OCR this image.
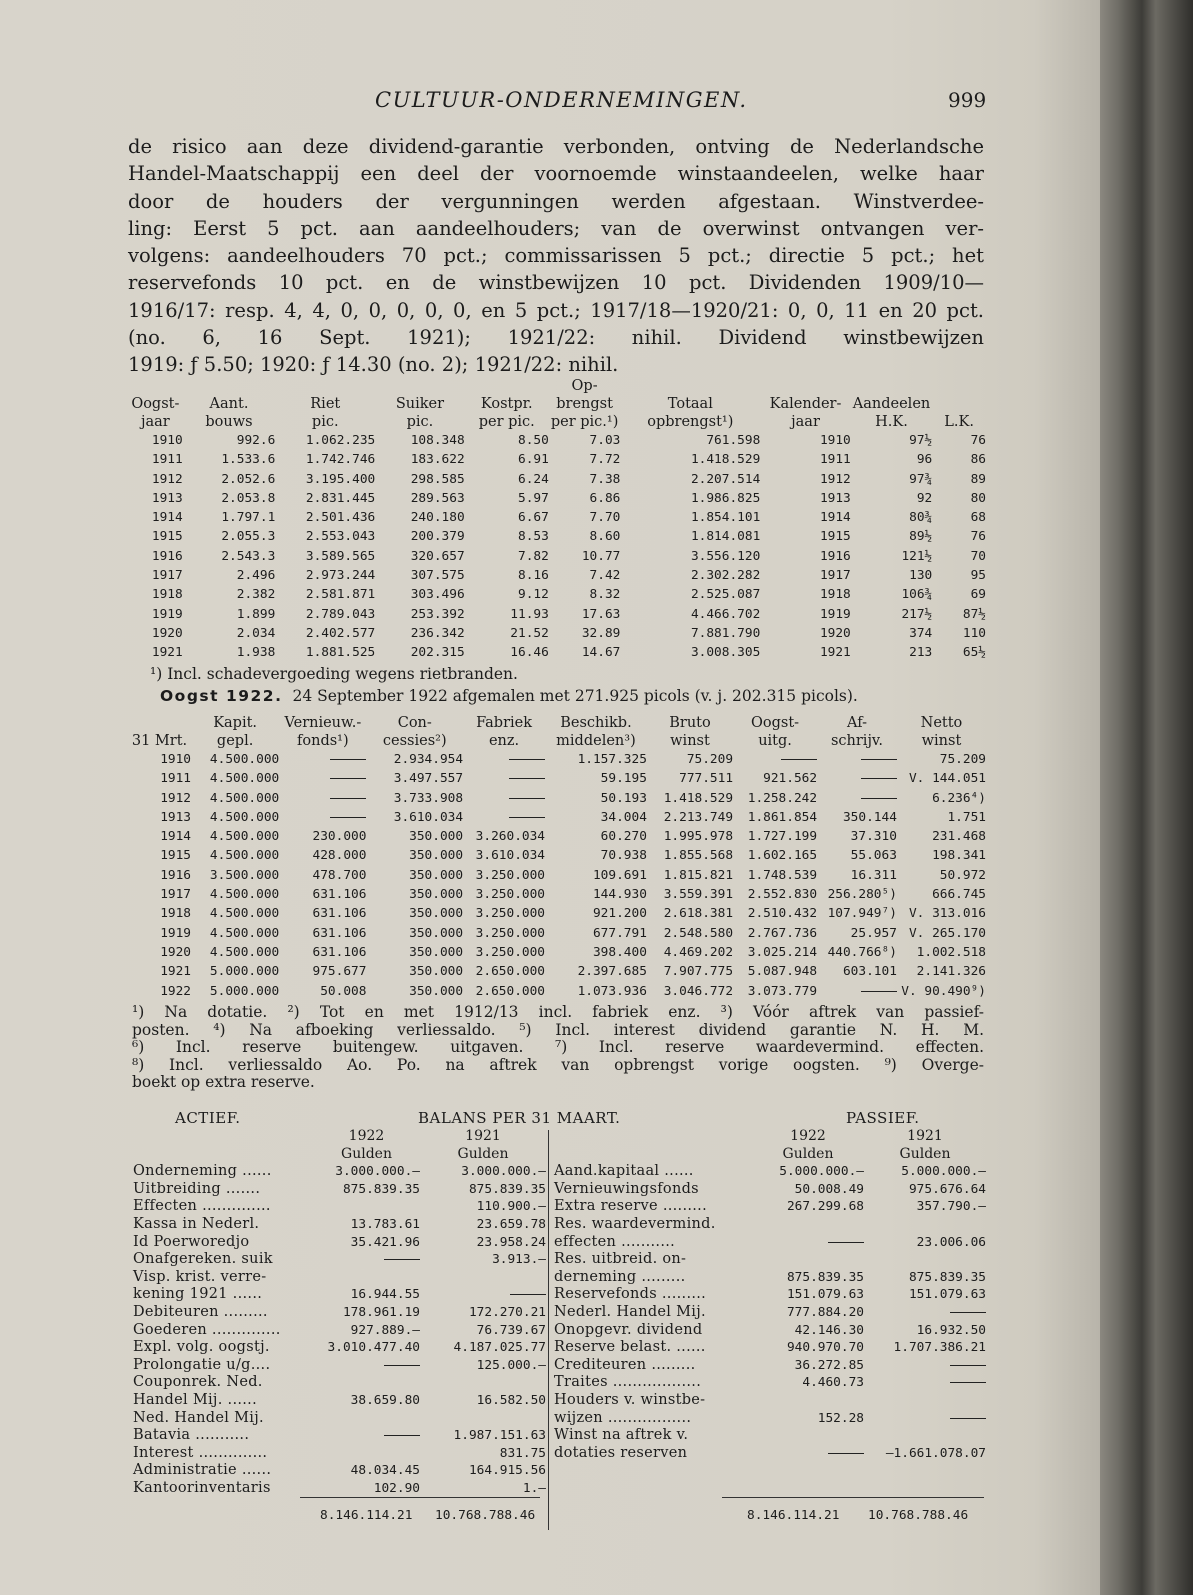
CULTUUR-ONDERNEMINGEN.	999
de risico aan deze dividend-garantie verbonden, ontving de Nederlandsche
Handel-Maatschappij een deel der voornoemde winstaandeelen, welke haar
door de houders der vergunningen werden afgestaan. Winstverdee-
ling: Eerst 5 pct. aan aandeelhouders; van de overwinst ontvangen ver-
volgens: aandeelhouders 70 pct.; commissarissen 5 pct.; directie 5 pct.; het
reservefonds 10 pct. en de winstbewijzen 10 pct. Dividenden 1909/10—
1916/17: resp. 4, 4, 0, 0, 0, 0, 0, en 5 pct.; 1917/18—1920/21: 0, 0, 11 en 20 pct.
(no. 6, 16 Sept. 1921); 1921/22: nihil. Dividend winstbewijzen
1919: ƒ 5.50; 1920: ƒ 14.30 (no. 2); 1921/22: nihil.
					Op-				
Oogst-	Aant.	Riet	Suiker	Kostpr.	brengst	Totaal	Kalender-	Aandeelen	
jaar	bouws	pic.	pic.	per pic.	per pic.¹)	opbrengst¹)	jaar	H.K.	L.K.
1910	992.6	1.062.235	108.348	8.50	7.03	761.598	1910	97½	76
1911	1.533.6	1.742.746	183.622	6.91	7.72	1.418.529	1911	96	86
1912	2.052.6	3.195.400	298.585	6.24	7.38	2.207.514	1912	97¾	89
1913	2.053.8	2.831.445	289.563	5.97	6.86	1.986.825	1913	92	80
1914	1.797.1	2.501.436	240.180	6.67	7.70	1.854.101	1914	80¾	68
1915	2.055.3	2.553.043	200.379	8.53	8.60	1.814.081	1915	89½	76
1916	2.543.3	3.589.565	320.657	7.82	10.77	3.556.120	1916	121½	70
1917	2.496	2.973.244	307.575	8.16	7.42	2.302.282	1917	130	95
1918	2.382	2.581.871	303.496	9.12	8.32	2.525.087	1918	106¾	69
1919	1.899	2.789.043	253.392	11.93	17.63	4.466.702	1919	217½	87½
1920	2.034	2.402.577	236.342	21.52	32.89	7.881.790	1920	374	110
1921	1.938	1.881.525	202.315	16.46	14.67	3.008.305	1921	213	65½
¹) Incl. schadevergoeding wegens rietbranden.
Oogst 1922. 24 September 1922 afgemalen met 271.925 picols (v. j. 202.315 picols).
	Kapit.	Vernieuw.-	Con-	Fabriek	Beschikb.	Bruto	Oogst-	Af-	Netto
31 Mrt.	gepl.	fonds¹)	cessies²)	enz.	middelen³)	winst	uitg.	schrijv.	winst
1910	4.500.000		2.934.954		1.157.325	75.209			75.209
1911	4.500.000		3.497.557		59.195	777.511	921.562		V. 144.051
1912	4.500.000		3.733.908		50.193	1.418.529	1.258.242		6.236⁴)
1913	4.500.000		3.610.034		34.004	2.213.749	1.861.854	350.144	1.751
1914	4.500.000	230.000	350.000	3.260.034	60.270	1.995.978	1.727.199	37.310	231.468
1915	4.500.000	428.000	350.000	3.610.034	70.938	1.855.568	1.602.165	55.063	198.341
1916	3.500.000	478.700	350.000	3.250.000	109.691	1.815.821	1.748.539	16.311	50.972
1917	4.500.000	631.106	350.000	3.250.000	144.930	3.559.391	2.552.830	256.280⁵)	666.745
1918	4.500.000	631.106	350.000	3.250.000	921.200	2.618.381	2.510.432	107.949⁷)	V. 313.016
1919	4.500.000	631.106	350.000	3.250.000	677.791	2.548.580	2.767.736	25.957	V. 265.170
1920	4.500.000	631.106	350.000	3.250.000	398.400	4.469.202	3.025.214	440.766⁸)	1.002.518
1921	5.000.000	975.677	350.000	2.650.000	2.397.685	7.907.775	5.087.948	603.101	2.141.326
1922	5.000.000	50.008	350.000	2.650.000	1.073.936	3.046.772	3.073.779		V. 90.490⁹)
¹) Na dotatie. ²) Tot en met 1912/13 incl. fabriek enz. ³) Vóór aftrek van passief-
posten. ⁴) Na afboeking verliessaldo. ⁵) Incl. interest dividend garantie N. H. M.
⁶) Incl. reserve buitengew. uitgaven. ⁷) Incl. reserve waardevermind. effecten.
⁸) Incl. verliessaldo Ao. Po. na aftrek van opbrengst vorige oogsten. ⁹) Overge-
boekt op extra reserve.
ACTIEF.	BALANS PER 31 MAART.	PASSIEF.
	1922	1921
	Gulden	Gulden
Onderneming ......	3.000.000.—	3.000.000.—
Uitbreiding .......	875.839.35	875.839.35
Effecten ..............		110.900.—
Kassa in Nederl.	13.783.61	23.659.78
Id Poerworedjo	35.421.96	23.958.24
Onafgereken. suik		3.913.—
Visp. krist. verre-		
kening 1921 ......	16.944.55	
Debiteuren .........	178.961.19	172.270.21
Goederen ..............	927.889.—	76.739.67
Expl. volg. oogstj.	3.010.477.40	4.187.025.77
Prolongatie u/g....		125.000.—
Couponrek. Ned.		
Handel Mij. ......	38.659.80	16.582.50
Ned. Handel Mij.		
Batavia ...........		1.987.151.63
Interest ..............		831.75
Administratie ......	48.034.45	164.915.56
Kantoorinventaris	102.90	1.—
	1922	1921
	Gulden	Gulden
Aand.kapitaal ......	5.000.000.—	5.000.000.—
Vernieuwingsfonds	50.008.49	975.676.64
Extra reserve .........	267.299.68	357.790.—
Res. waardevermind.		
effecten ...........		23.006.06
Res. uitbreid. on-		
derneming .........	875.839.35	875.839.35
Reservefonds .........	151.079.63	151.079.63
Nederl. Handel Mij.	777.884.20	
Onopgevr. dividend	42.146.30	16.932.50
Reserve belast. ......	940.970.70	1.707.386.21
Crediteuren .........	36.272.85	
Traites ..................	4.460.73	
Houders v. winstbe-		
wijzen .................	152.28	
Winst na aftrek v.		
dotaties reserven		—1.661.078.07
8.146.114.21 10.768.788.46	8.146.114.21 10.768.788.46
